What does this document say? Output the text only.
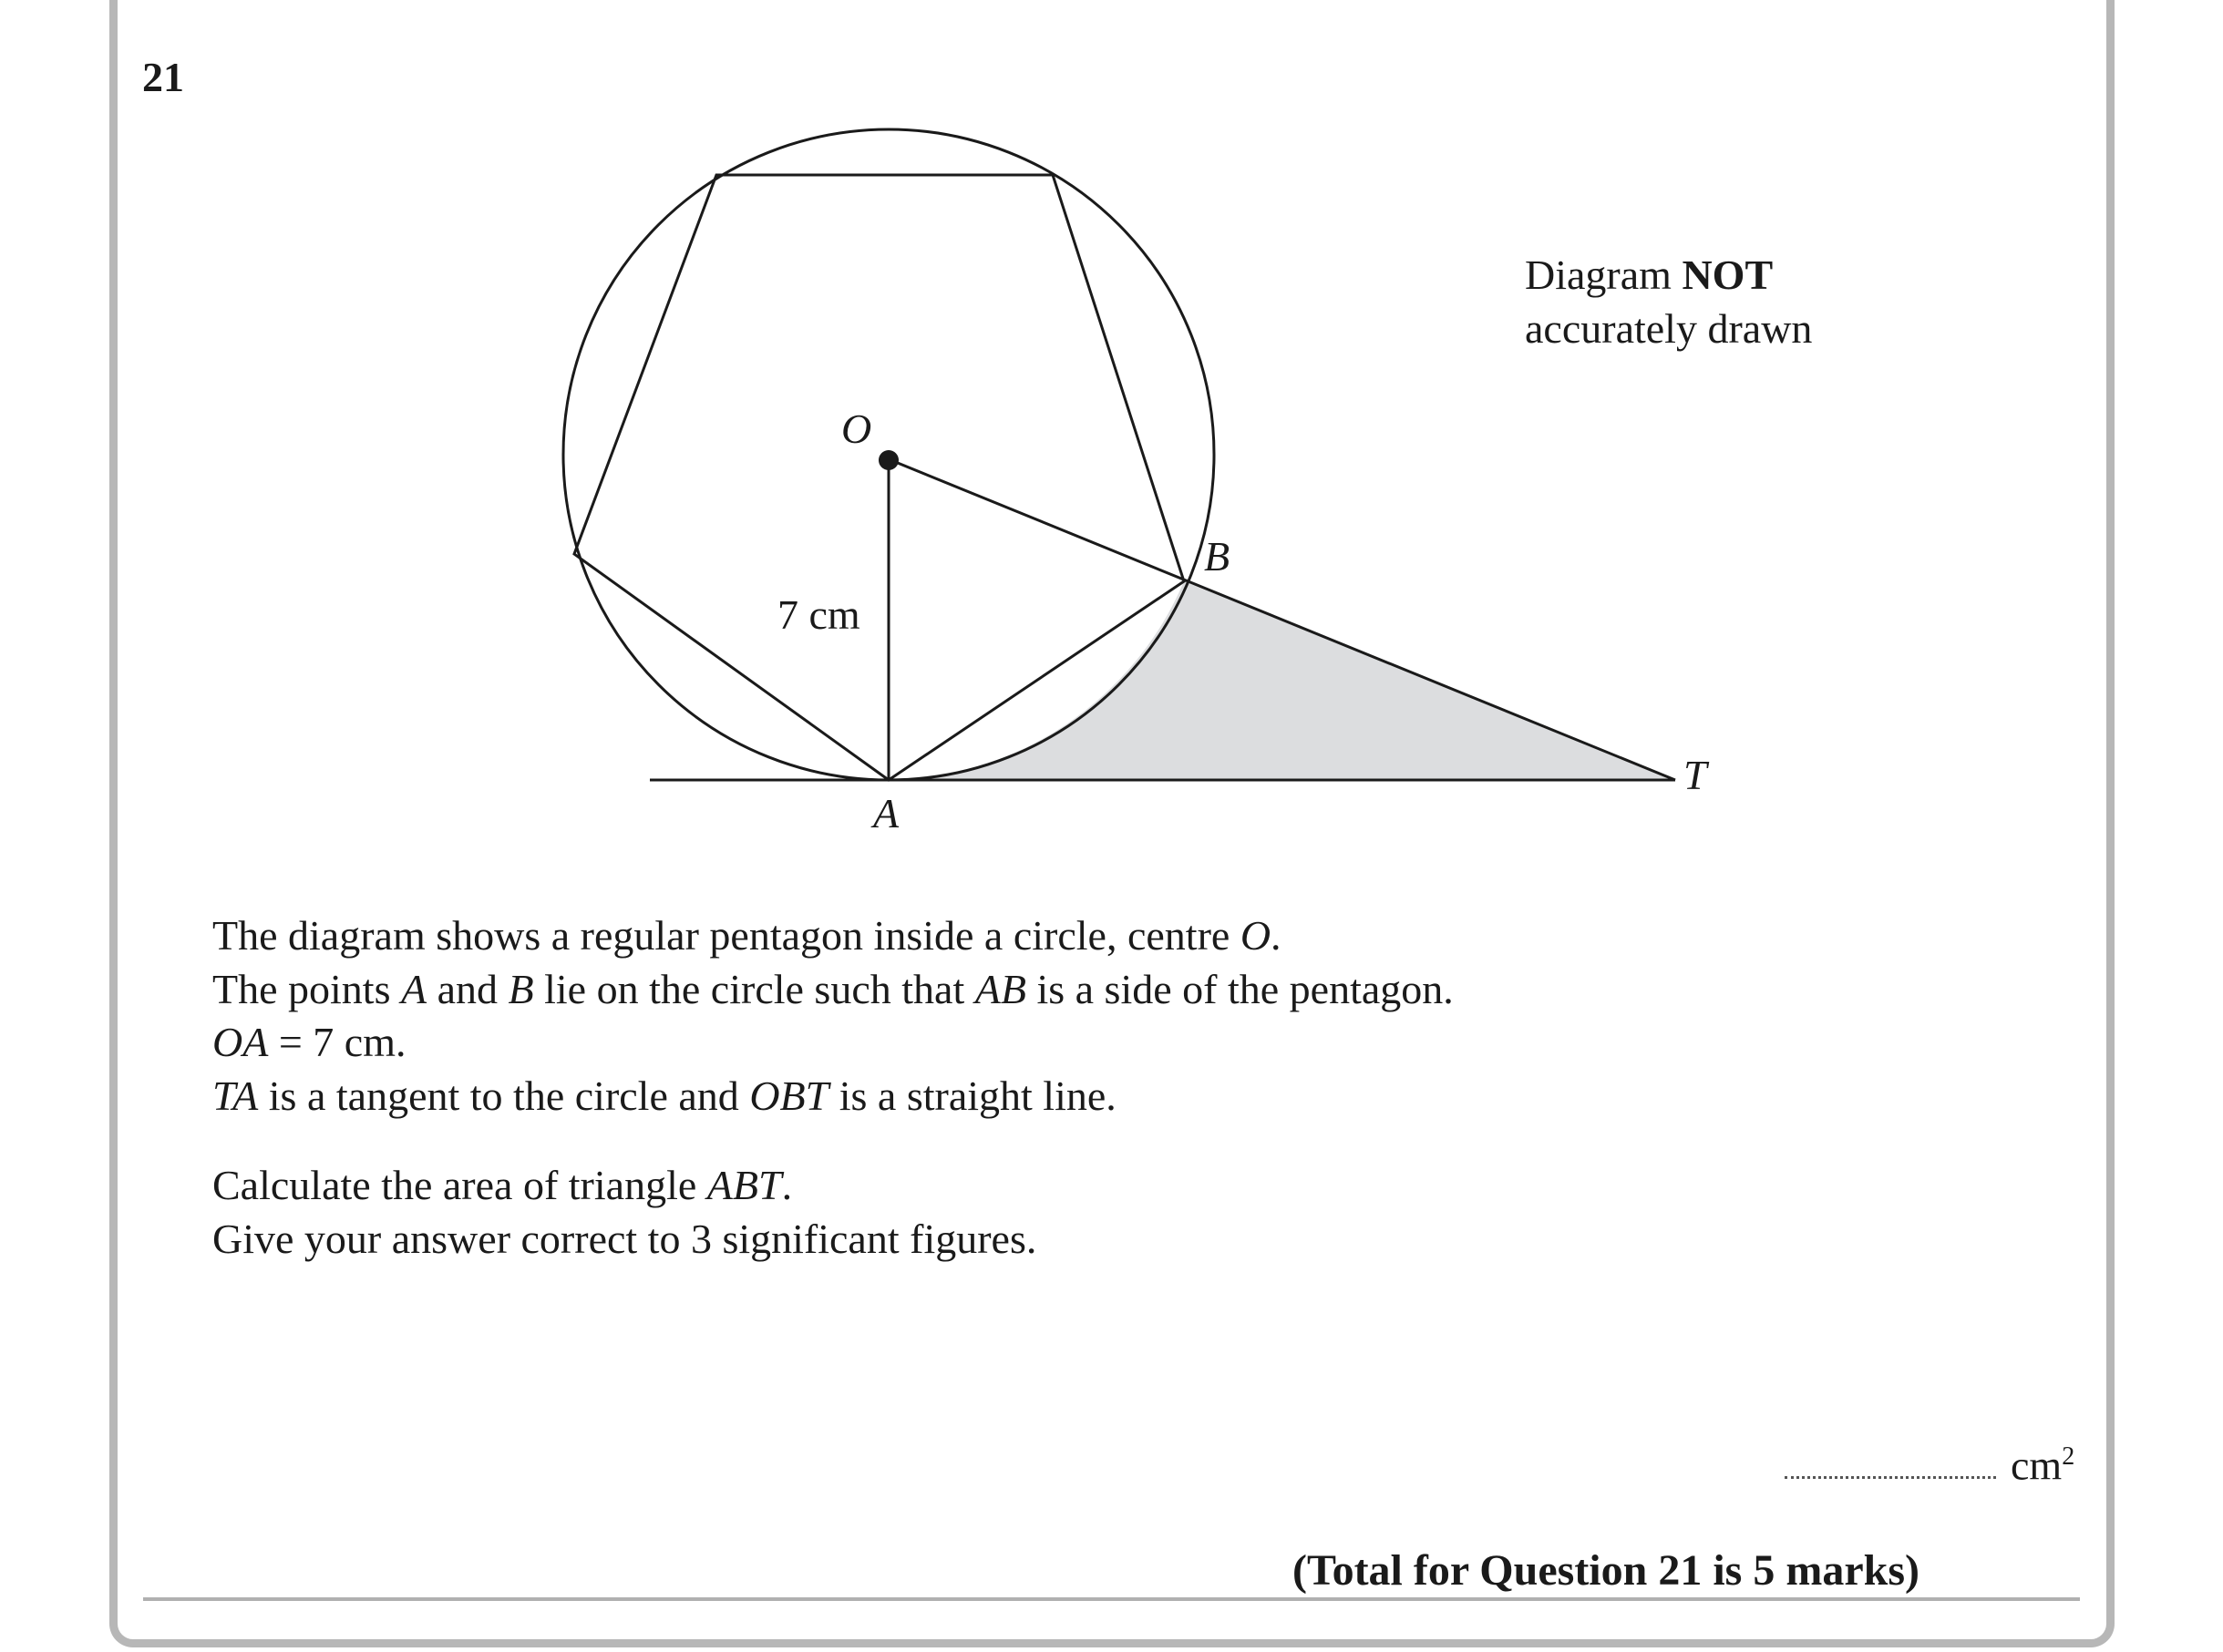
21
O
B
A
T
7 cm
Diagram NOT
accurately drawn

The diagram shows a regular pentagon inside a circle, centre O.

The points A and B lie on the circle such that AB is a side of the pentagon.

OA = 7 cm.

TA is a tangent to the circle and OBT is a straight line.

Calculate the area of triangle ABT.

Give your answer correct to 3 significant figures.

$cm^2$
(Total for Question 21 is 5 marks)
